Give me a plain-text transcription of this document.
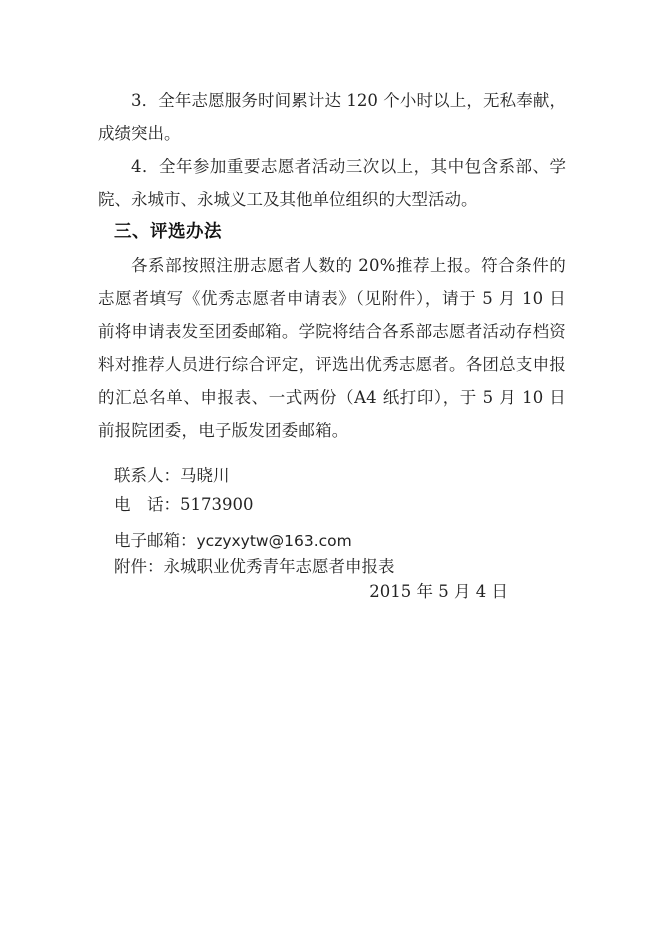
3．全年志愿服务时间累计达 120 个小时以上，无私奉献，成绩突出。

4．全年参加重要志愿者活动三次以上，其中包含系部、学院、永城市、永城义工及其他单位组织的大型活动。

三、评选办法

各系部按照注册志愿者人数的 20%推荐上报。符合条件的志愿者填写《优秀志愿者申请表》（见附件），请于 5 月 10 日前将申请表发至团委邮箱。学院将结合各系部志愿者活动存档资料对推荐人员进行综合评定，评选出优秀志愿者。各团总支申报的汇总名单、申报表、一式两份（A4 纸打印），于 5 月 10 日前报院团委，电子版发团委邮箱。

联系人：马晓川

电　话：5173900

电子邮箱：yczyxytw@163.com

附件：永城职业优秀青年志愿者申报表

2015 年 5 月 4 日
